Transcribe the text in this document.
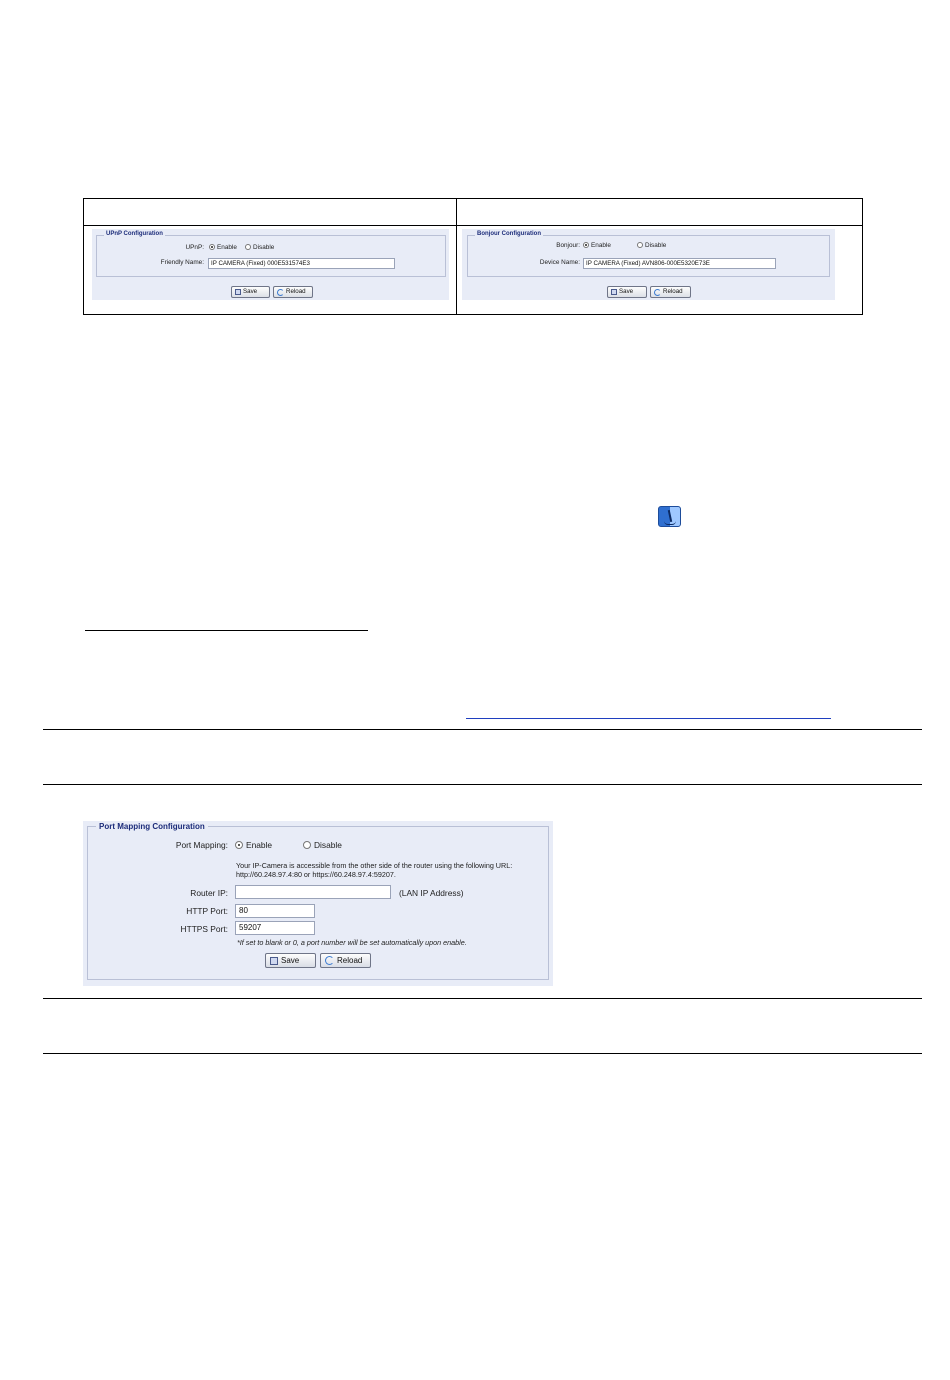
UPnP Configuration
UPnP:	Enable	Disable
Friendly Name:	IP CAMERA (Fixed) 000E531574E3
Save	Reload
Bonjour Configuration
Bonjour:	Enable	Disable
Device Name: IP CAMERA (Fixed) AVN806-000E5320E73E
Save	Reload
Port Mapping Configuration
Port Mapping:	Enable	Disable
Your IP-Camera is accessible from the other side of the router using the following URL:
http://60.248.97.4:80 or https://60.248.97.4:59207.
Router IP:	(LAN IP Address)
HTTP Port:	80
HTTPS Port:	59207
*If set to blank or 0, a port number will be set automatically upon enable.
Save	Reload
